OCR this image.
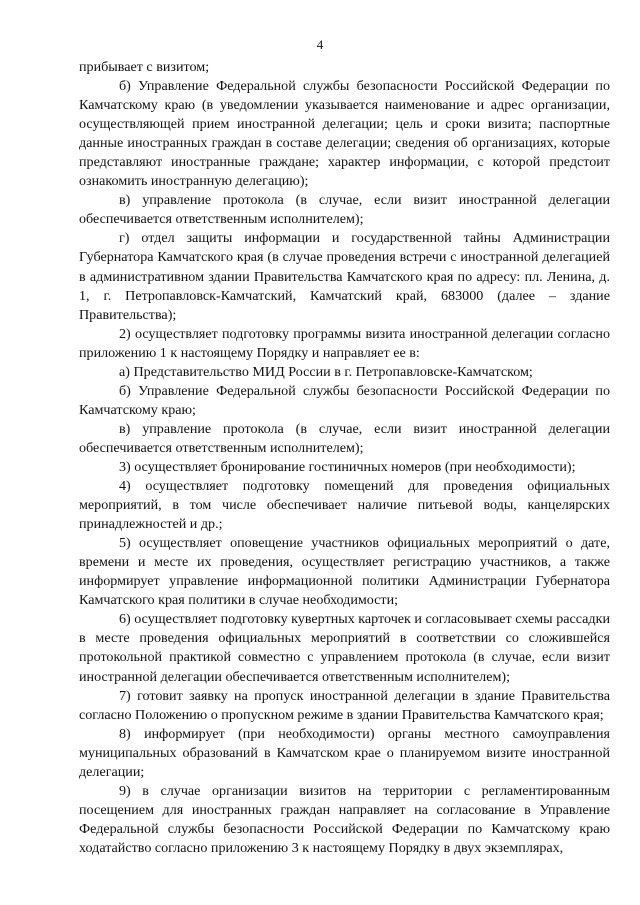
4

прибывает с визитом;

б) Управление Федеральной службы безопасности Российской Федерации по Камчатскому краю (в уведомлении указывается наименование и адрес организации, осуществляющей прием иностранной делегации; цель и сроки визита; паспортные данные иностранных граждан в составе делегации; сведения об организациях, которые представляют иностранные граждане; характер информации, с которой предстоит ознакомить иностранную делегацию);

в) управление протокола (в случае, если визит иностранной делегации обеспечивается ответственным исполнителем);

г) отдел защиты информации и государственной тайны Администрации Губернатора Камчатского края (в случае проведения встречи с иностранной делегацией в административном здании Правительства Камчатского края по адресу: пл. Ленина, д. 1, г. Петропавловск-Камчатский, Камчатский край, 683000 (далее – здание Правительства);

2) осуществляет подготовку программы визита иностранной делегации согласно приложению 1 к настоящему Порядку и направляет ее в:

а) Представительство МИД России в г. Петропавловске-Камчатском;

б) Управление Федеральной службы безопасности Российской Федерации по Камчатскому краю;

в) управление протокола (в случае, если визит иностранной делегации обеспечивается ответственным исполнителем);

3) осуществляет бронирование гостиничных номеров (при необходимости);

4) осуществляет подготовку помещений для проведения официальных мероприятий, в том числе обеспечивает наличие питьевой воды, канцелярских принадлежностей и др.;

5) осуществляет оповещение участников официальных мероприятий о дате, времени и месте их проведения, осуществляет регистрацию участников, а также информирует управление информационной политики Администрации Губернатора Камчатского края политики в случае необходимости;

6) осуществляет подготовку кувертных карточек и согласовывает схемы рассадки в месте проведения официальных мероприятий в соответствии со сложившейся протокольной практикой совместно с управлением протокола (в случае, если визит иностранной делегации обеспечивается ответственным исполнителем);

7) готовит заявку на пропуск иностранной делегации в здание Правительства согласно Положению о пропускном режиме в здании Правительства Камчатского края;

8) информирует (при необходимости) органы местного самоуправления муниципальных образований в Камчатском крае о планируемом визите иностранной делегации;

9) в случае организации визитов на территории с регламентированным посещением для иностранных граждан направляет на согласование в Управление Федеральной службы безопасности Российской Федерации по Камчатскому краю ходатайство согласно приложению 3 к настоящему Порядку в двух экземплярах,
